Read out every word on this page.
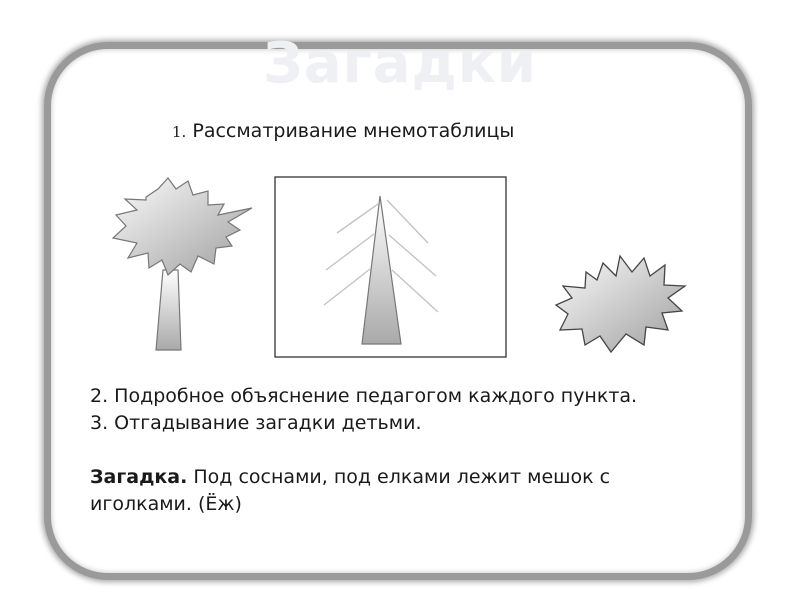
Загадки
1. Рассматривание мнемотаблицы

2. Подробное объяснение педагогом каждого пункта.

3. Отгадывание загадки детьми.

Загадка. Под соснами, под елками лежит мешок с иголками. (Ёж)
